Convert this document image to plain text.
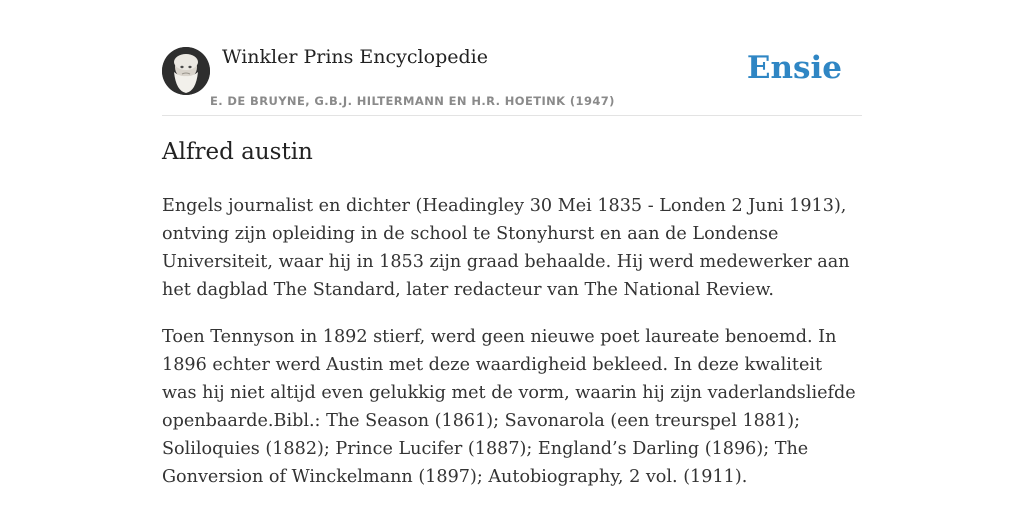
Winkler Prins Encyclopedie
E. DE BRUYNE, G.B.J. HILTERMANN EN H.R. HOETINK (1947)
Ensie
Alfred austin

Engels journalist en dichter (Headingley 30 Mei 1835 - Londen 2 Juni 1913), ontving zijn opleiding in de school te Stonyhurst en aan de Londense Universiteit, waar hij in 1853 zijn graad behaalde. Hij werd medewerker aan het dagblad The Standard, later redacteur van The National Review.

Toen Tennyson in 1892 stierf, werd geen nieuwe poet laureate benoemd. In 1896 echter werd Austin met deze waardigheid bekleed. In deze kwaliteit was hij niet altijd even gelukkig met de vorm, waarin hij zijn vaderlandsliefde openbaarde.Bibl.: The Season (1861); Savonarola (een treurspel 1881); Soliloquies (1882); Prince Lucifer (1887); England’s Darling (1896); The Gonversion of Winckelmann (1897); Autobiography, 2 vol. (1911).
